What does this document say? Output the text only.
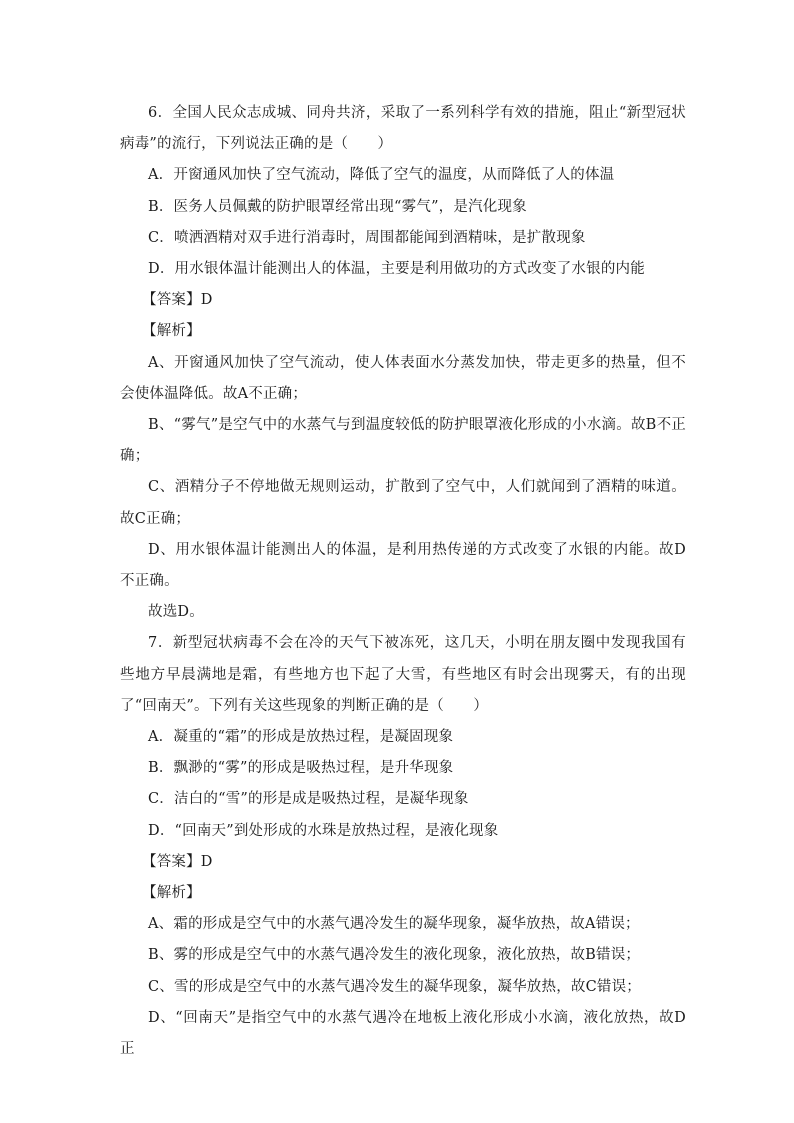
6．全国人民众志成城、同舟共济，采取了一系列科学有效的措施，阻止“新型冠状病毒”的流行，下列说法正确的是（　　）

A．开窗通风加快了空气流动，降低了空气的温度，从而降低了人的体温

B．医务人员佩戴的防护眼罩经常出现“雾气”，是汽化现象

C．喷洒酒精对双手进行消毒时，周围都能闻到酒精味，是扩散现象

D．用水银体温计能测出人的体温，主要是利用做功的方式改变了水银的内能

【答案】D

【解析】

A、开窗通风加快了空气流动，使人体表面水分蒸发加快，带走更多的热量，但不会使体温降低。故A不正确；

B、“雾气”是空气中的水蒸气与到温度较低的防护眼罩液化形成的小水滴。故B不正确；

C、酒精分子不停地做无规则运动，扩散到了空气中，人们就闻到了酒精的味道。故C正确；

D、用水银体温计能测出人的体温，是利用热传递的方式改变了水银的内能。故D不正确。

故选D。

7．新型冠状病毒不会在冷的天气下被冻死，这几天，小明在朋友圈中发现我国有些地方早晨满地是霜，有些地方也下起了大雪，有些地区有时会出现雾天，有的出现了“回南天”。下列有关这些现象的判断正确的是（　　）

A．凝重的“霜”的形成是放热过程，是凝固现象

B．飘渺的“雾”的形成是吸热过程，是升华现象

C．洁白的“雪”的形是成是吸热过程，是凝华现象

D．“回南天”到处形成的水珠是放热过程，是液化现象

【答案】D

【解析】

A、霜的形成是空气中的水蒸气遇冷发生的凝华现象，凝华放热，故A错误；

B、雾的形成是空气中的水蒸气遇冷发生的液化现象，液化放热，故B错误；

C、雪的形成是空气中的水蒸气遇冷发生的凝华现象，凝华放热，故C错误；

D、“回南天”是指空气中的水蒸气遇冷在地板上液化形成小水滴，液化放热，故D正
